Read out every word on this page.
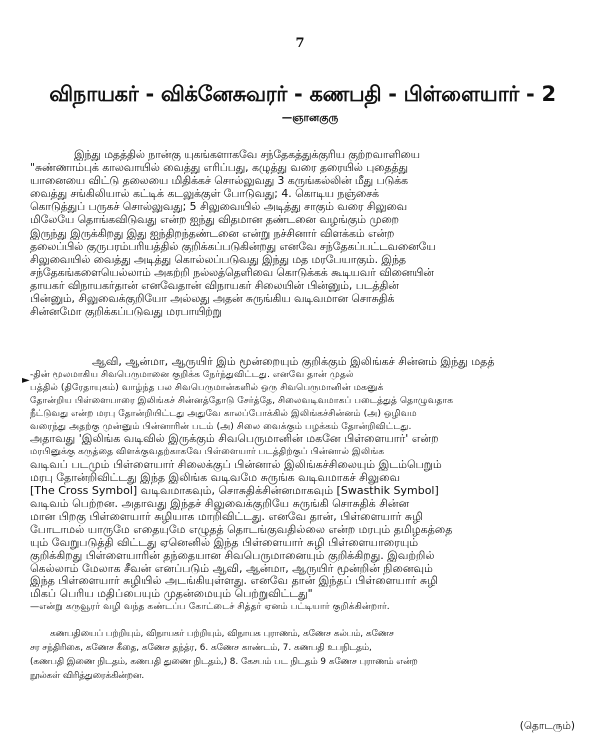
7
விநாயகர் - விக்னேசுவரர் - கணபதி - பிள்ளையார் - 2
—ஞானகுரு
இந்து மதத்தில் நான்கு யுகங்களாகவே சந்தேகத்துக்குரிய குற்றவாளியை
"சுண்ணாம்புக் காலவாயில் வைத்து எரிப்பது, கழுத்து வரை தரையில் புதைத்து
யானையை விட்டு தலையை மிதிக்கச் சொல்லுவது 3 கருங்கல்லின் மீது படுக்க
வைத்து சங்கிலியால் கட்டிக் கடலுக்குள் போடுவது; 4. கொடிய நஞ்சைக்
கொடுத்துப் பருகச் சொல்லுவது; 5 சிலுவையில் அடித்து சாகும் வரை சிலுவை
மிலேயே தொங்கவிடுவது என்ற ஐந்து விதமான தண்டனை வழங்கும் முறை
இருந்து இருக்கிறது இது ஐந்திறந்தண்டனை என்று நச்சினார் விளக்கம் என்ற
தலைப்பில் குருபரம்பரியத்தில் குறிக்கப்படுகின்றது எனவே சந்தேகப்பட்டவனையே
சிலுவையில் வைத்து அடித்து கொல்லப்படுவது இந்து மத மரபேயாகும். இந்த
சந்தேகங்களையெல்லாம் அகற்றி நல்லத்தெளிவை கொடுக்கக் கூடியவர் வினையின்
தாயகர் விநாயகர்தான் எனவேதான் விநாயகர் சிலையின் பின்னும், படத்தின்
பின்னும், சிலுவைக்குறியோ அல்லது அதன் சுருங்கிய வடிவமான சொசுதிக்
சின்னமோ குறிக்கப்படுவது மரபாயிற்று
►
ஆவி, ஆன்மா, ஆருயிர் இம் மூன்றையும் குறிக்கும் இலிங்கச் சின்னம் இந்து மதத்
-தின் மூலமாகிய சிவபெருமானை குறிக்க நேர்ந்துவிட்டது. எனவே தான் முதல்
பத்தில் (திரேதாயுகம்) வாழ்ந்த பல சிவபெருமான்களில் ஒரு சிவபெருமானின் மகனுக்
தோன்றிய பிள்ளையாரை இலிங்கச் சின்னத்தோடு சேர்த்தே, சிலைவடிவமாகப் படைத்துத் தொழுவதாக
நீட்டுவது என்ற மரபு தோன்றியிட்டது அதுவே காலப்போக்கில் இலிங்கச்சின்னம் (அ) ஒழிவம
வரைந்து அதற்கு முன்னும் பின்னாரின் படம் (அ) சிலை வைக்கும் பழக்கம் தோன்றிவிட்டது.
அதாவது 'இலிங்க வடிவில் இருக்கும் சிவபெருமானின் மகனே பிள்ளையார்' என்ற
மரபினுக்கு கருத்தை விளக்குவதற்காகவே பிள்ளையார் படத்திற்குப் பின்னால் இலிங்க
வடிவப் படமும் பிள்ளையார் சிலைக்குப் பின்னால் இலிங்கச்சிலையும் இடம்பெறும்
மரபு தோன்றிவிட்டது இந்த இலிங்க வடிவமே சுருங்க வடிவமாகச் சிலுவை
[The Cross Symbol] வடிவமாகவும், சொசுதிக்சின்னமாகவும் [Swasthik Symbol]
வடிவம் பெற்றன. அதாவது இந்தச் சிலுவைக்குறியே சுருங்கி சொசுதிக் சின்ன
மான பிறகு பிள்ளையார் சுழியாக மாறிவிட்டது. எனவே தான், பிள்ளையார் சுழி
போடாமல் யாருமே எதையுமே எழுதத் தொடங்குவதில்லை என்ற மரபும் தமிழகத்தை
யும் வேறுபடுத்தி விட்டது ஏனெனில் இந்த பிள்ளையார் சுழி பிள்ளையாரையும்
குறிக்கிறது பிள்ளையாரின் தந்தையான சிவபெருமானையும் குறிக்கிறது. இவற்றில்
கெல்லாம் மேலாக சீவன் எனப்படும் ஆவி, ஆன்மா, ஆருயிர் மூன்றின் நினைவும்
இந்த பிள்ளையார் சுழியில் அடங்கியுள்ளது. எனவே தான் இந்தப் பிள்ளையார் சுழி
மிகப் பெரிய மதிப்பையும் முதன்மையும் பெற்றுவிட்டது"
—என்று கருவூரர் வழி வந்த கண்டப்ப கோட்டைச் சித்தர் ஏனம் பட்டியார் குறிக்கின்றார்.
கணபதியைப் பற்றியும், விநாயகர் பற்றியும், விநாயக புராணம், கணேச கல்பம், கணேச
சர சந்திரிகை, கணேச கீதை, கணேச தந்த்ர, 6. கணேச காண்டம், 7. கணபதி உபநிடதம்,
(கணபதி இணை நிடதம், கணபதி துணை நிடதம்,) 8. கேசபம் பட நிடதம் 9 கணேச புராணம் என்ற
நூல்கள் விரித்துரைக்கின்றன.
(தொடரும்)
